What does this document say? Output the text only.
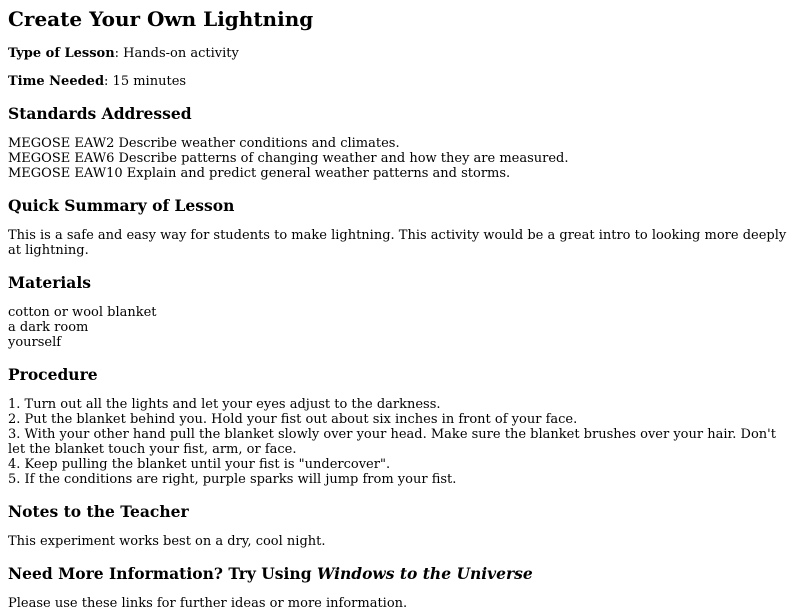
Create Your Own Lightning

Type of Lesson: Hands-on activity

Time Needed: 15 minutes

Standards Addressed
MEGOSE EAW2 Describe weather conditions and climates.
MEGOSE EAW6 Describe patterns of changing weather and how they are measured.
MEGOSE EAW10 Explain and predict general weather patterns and storms.
Quick Summary of Lesson

This is a safe and easy way for students to make lightning. This activity would be a great intro to looking more deeply at lightning.

Materials
cotton or wool blanket
a dark room
yourself
Procedure
1. Turn out all the lights and let your eyes adjust to the darkness.
2. Put the blanket behind you. Hold your fist out about six inches in front of your face.
3. With your other hand pull the blanket slowly over your head. Make sure the blanket brushes over your hair. Don't let the blanket touch your fist, arm, or face.
4. Keep pulling the blanket until your fist is "undercover".
5. If the conditions are right, purple sparks will jump from your fist.
Notes to the Teacher

This experiment works best on a dry, cool night.

Need More Information? Try Using Windows to the Universe

Please use these links for further ideas or more information.
